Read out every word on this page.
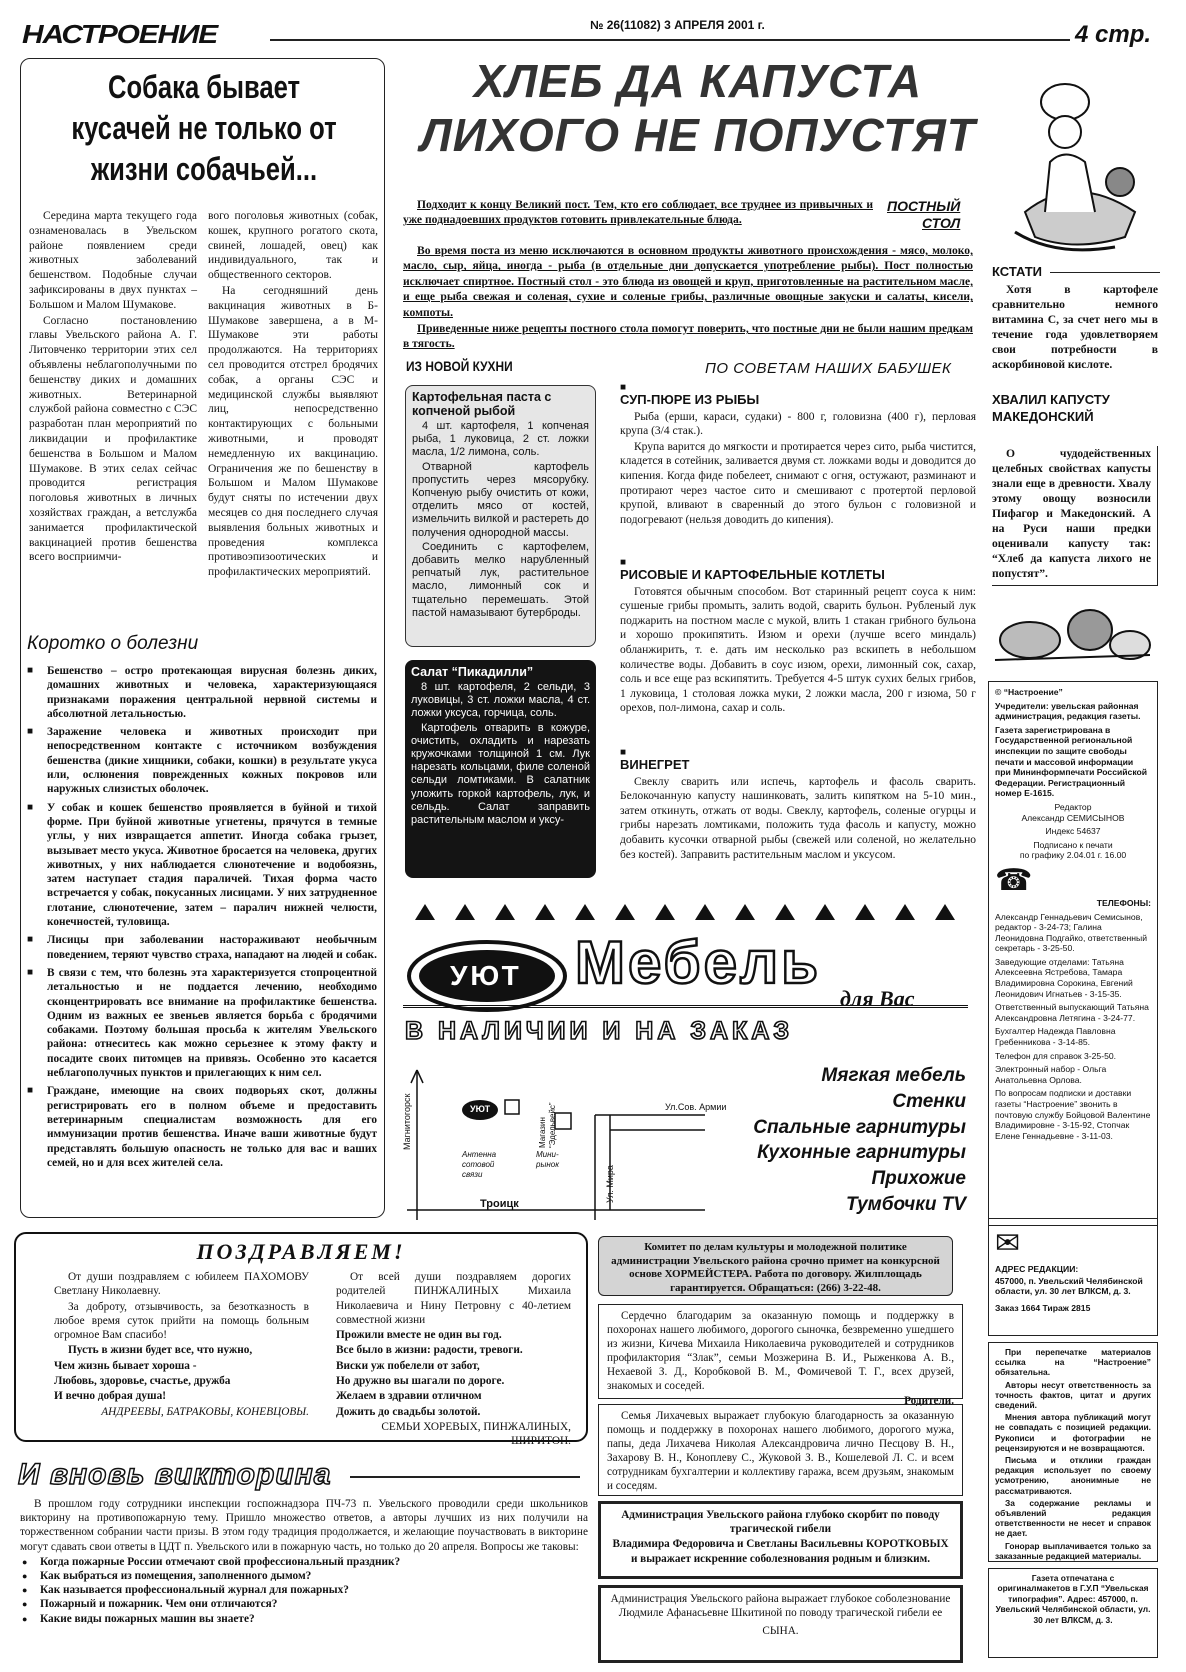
НАСТРОЕНИЕ	№ 26(11082) 3 АПРЕЛЯ 2001 г.	4 стр.
Собака бывает кусачей не только от жизни собачьей...

Середина марта текущего года ознаменовалась в Увельском районе появлением среди животных заболеваний бешенством. Подобные случаи зафиксированы в двух пунктах – Большом и Малом Шумакове.

Согласно постановлению главы Увельского района А. Г. Литовченко территории этих сел объявлены неблагополучными по бешенству диких и домашних животных. Ветеринарной службой района совместно с СЭС разработан план мероприятий по ликвидации и профилактике бешенства в Большом и Малом Шумакове. В этих селах сейчас проводится регистрация поголовья животных в личных хозяйствах граждан, а ветслужба занимается профилактической вакцинацией против бешенства всего восприимчи-

вого поголовья животных (собак, кошек, крупного рогатого скота, свиней, лошадей, овец) как индивидуального, так и общественного секторов.

На сегодняшний день вакцинация животных в Б-Шумакове завершена, а в М-Шумакове эти работы продолжаются. На территориях сел проводится отстрел бродячих собак, а органы СЭС и медицинской службы выявляют лиц, непосредственно контактирующих с больными животными, и проводят немедленную их вакцинацию. Ограничения же по бешенству в Большом и Малом Шумакове будут сняты по истечении двух месяцев со дня последнего случая выявления больных животных и проведения комплекса противоэпизоотических и профилактических мероприятий.

Коротко о болезни
■ Бешенство – остро протекающая вирусная болезнь диких, домашних животных и человека, характеризующаяся признаками поражения центральной нервной системы и абсолютной летальностью.
■ Заражение человека и животных происходит при непосредственном контакте с источником возбуждения бешенства (дикие хищники, собаки, кошки) в результате укуса или, ослюнения поврежденных кожных покровов или наружных слизистых оболочек.
■ У собак и кошек бешенство проявляется в буйной и тихой форме. При буйной животные угнетены, прячутся в темные углы, у них извращается аппетит. Иногда собака грызет, вызывает место укуса. Животное бросается на человека, других животных, у них наблюдается слюнотечение и водобоязнь, затем наступает стадия параличей. Тихая форма часто встречается у собак, покусанных лисицами. У них затрудненное глотание, слюнотечение, затем – паралич нижней челюсти, конечностей, туловища.
■ Лисицы при заболевании настораживают необычным поведением, теряют чувство страха, нападают на людей и собак.
■ В связи с тем, что болезнь эта характеризуется стопроцентной летальностью и не поддается лечению, необходимо сконцентрировать все внимание на профилактике бешенства. Одним из важных ее звеньев является борьба с бродячими собаками. Поэтому большая просьба к жителям Увельского района: отнеситесь как можно серьезнее к этому факту и посадите своих питомцев на привязь. Особенно это касается неблагополучных пунктов и прилегающих к ним сел.
■ Граждане, имеющие на своих подворьях скот, должны регистрировать его в полном объеме и предоставить ветеринарным специалистам возможность для его иммунизации против бешенства. Иначе ваши животные будут представлять большую опасность не только для вас и ваших семей, но и для всех жителей села.
ХЛЕБ ДА КАПУСТА
ЛИХОГО НЕ ПОПУСТЯТ
ПОСТНЫЙ
СТОЛ

Подходит к концу Великий пост. Тем, кто его соблюдает, все труднее из привычных и уже поднадоевших продуктов готовить привлекательные блюда.

Во время поста из меню исключаются в основном продукты животного происхождения - мясо, молоко, масло, сыр, яйца, иногда - рыба (в отдельные дни допускается употребление рыбы). Пост полностью исключает спиртное. Постный стол - это блюда из овощей и круп, приготовленные на растительном масле, и еще рыба свежая и соленая, сухие и соленые грибы, различные овощные закуски и салаты, кисели, компоты.

Приведенные ниже рецепты постного стола помогут поверить, что постные дни не были нашим предкам в тягость.

ИЗ НОВОЙ КУХНИ	ПО СОВЕТАМ НАШИХ БАБУШЕК
Картофельная паста с копченой рыбой

4 шт. картофеля, 1 копченая рыба, 1 луковица, 2 ст. ложки масла, 1/2 лимона, соль.

Отварной картофель пропустить через мясорубку. Копченую рыбу очистить от кожи, отделить мясо от костей, измельчить вилкой и растереть до получения однородной массы.

Соединить с картофелем, добавить мелко нарубленный репчатый лук, растительное масло, лимонный сок и тщательно перемешать. Этой пастой намазывают бутерброды.

Салат “Пикадилли”

8 шт. картофеля, 2 сельди, 3 луковицы, 3 ст. ложки масла, 4 ст. ложки уксуса, горчица, соль.

Картофель отварить в кожуре, очистить, охладить и нарезать кружочками толщиной 1 см. Лук нарезать кольцами, филе соленой сельди ломтиками. В салатник уложить горкой картофель, лук, и сельдь. Салат заправить растительным маслом и уксу-

■
СУП-ПЮРЕ ИЗ РЫБЫ

Рыба (ерши, караси, судаки) - 800 г, головизна (400 г), перловая крупа (3/4 стак.).

Крупа варится до мягкости и протирается через сито, рыба чистится, кладется в сотейник, заливается двумя ст. ложками воды и доводится до кипения. Когда фиде побелеет, снимают с огня, остужают, разминают и протирают через частое сито и смешивают с протертой перловой крупой, вливают в сваренный до этого бульон с головизной и подогревают (нельзя доводить до кипения).

■
РИСОВЫЕ И КАРТОФЕЛЬНЫЕ КОТЛЕТЫ

Готовятся обычным способом. Вот старинный рецепт соуса к ним: сушеные грибы промыть, залить водой, сварить бульон. Рубленый лук поджарить на постном масле с мукой, влить 1 стакан грибного бульона и хорошо прокипятить. Изюм и орехи (лучше всего миндаль) обланжирить, т. е. дать им несколько раз вскипеть в небольшом количестве воды. Добавить в соус изюм, орехи, лимонный сок, сахар, соль и все еще раз вскипятить. Требуется 4-5 штук сухих белых грибов, 1 луковица, 1 столовая ложка муки, 2 ложки масла, 200 г изюма, 50 г орехов, пол-лимона, сахар и соль.

■
ВИНЕГРЕТ

Свеклу сварить или испечь, картофель и фасоль сварить. Белокочанную капусту нашинковать, залить кипятком на 5-10 мин., затем откинуть, отжать от воды. Свеклу, картофель, соленые огурцы и грибы нарезать ломтиками, положить туда фасоль и капусту, можно добавить кусочки отварной рыбы (свежей или соленой, но желательно без костей). Заправить растительным маслом и уксусом.

КСТАТИ
Хотя в картофеле сравнительно немного витамина С, за счет него мы в течение года удовлетворяем свои потребности в аскорбиновой кислоте.
ХВАЛИЛ КАПУСТУ МАКЕДОНСКИЙ
О чудодейственных целебных свойствах капусты знали еще в древности. Хвалу этому овощу возносили Пифагор и Македонский. А на Руси наши предки оценивали капусту так: “Хлеб да капуста лихого не попустят”.

© “Настроение”

Учредители: увельская районная администрация, редакция газеты.

Газета зарегистрирована в Государственной региональной инспекции по защите свободы печати и массовой информации при Мининформпечати Российской Федерации. Регистрационный номер Е-1615.

Редактор

Александр СЕМИСЫНОВ

Индекс 54637

Подписано к печати

по графику 2.04.01 г. 16.00

☎

ТЕЛЕФОНЫ:

Александр Геннадьевич Семисынов, редактор - 3-24-73; Галина Леонидовна Подгайко, ответственный секретарь - 3-25-50.

Заведующие отделами: Татьяна Алексеевна Ястребова, Тамара Владимировна Сорокина, Евгений Леонидович Игнатьев - 3-15-35.

Ответственный выпускающий Татьяна Александровна Летягина - 3-24-77.

Бухгалтер Надежда Павловна Гребенникова - 3-14-85.

Телефон для справок 3-25-50.

Электронный набор - Ольга Анатольевна Орлова.

По вопросам подписки и доставки газеты “Настроение” звонить в почтовую службу Бойцовой Валентине Владимировне - 3-15-92, Стопчак Елене Геннадьевне - 3-11-03.

✉

АДРЕС РЕДАКЦИИ:

457000, п. Увельский Челябинской области, ул. 30 лет ВЛКСМ, д. 3.

Заказ 1664 Тираж 2815

При перепечатке материалов ссылка на “Настроение” обязательна.

Авторы несут ответственность за точность фактов, цитат и других сведений.

Мнения автора публикаций могут не совпадать с позицией редакции. Рукописи и фотографии не рецензируются и не возвращаются.

Письма и отклики граждан редакция использует по своему усмотрению, анонимные не рассматриваются.

За содержание рекламы и объявлений редакция ответственности не несет и справок не дает.

Гонорар выплачивается только за заказанные редакцией материалы.

Газета отпечатана с оригиналмакетов в Г.У.П “Увельская типография”. Адрес: 457000, п. Увельский Челябинской области, ул. 30 лет ВЛКСМ, д. 3.
УЮТ Мебель
для Вас
В НАЛИЧИИ И НА ЗАКАЗ
Магнитогорск
Троицк
Ул. Мира
Ул.Сов. Армии
Магазин “Эдельвейс”
Антенна сотовой связи
Мини-рынок
УЮТ
Мягкая мебель
Стенки
Спальные гарнитуры
Кухонные гарнитуры
Прихожие
Тумбочки TV
ПОЗДРАВЛЯЕМ!

От души поздравляем с юбилеем ПАХОМОВУ Светлану Николаевну.

За доброту, отзывчивость, за безотказность в любое время суток прийти на помощь больным огромное Вам спасибо!

Пусть в жизни будет все, что нужно,

Чем жизнь бывает хороша -

Любовь, здоровье, счастье, дружба

И вечно добрая душа!

АНДРЕЕВЫ, БАТРАКОВЫ, КОНЕВЦОВЫ.

От всей души поздравляем дорогих родителей ПИНЖАЛИНЫХ Михаила Николаевича и Нину Петровну с 40-летием совместной жизни

Прожили вместе не один вы год.

Все было в жизни: радости, тревоги.

Виски уж побелели от забот,

Но дружно вы шагали по дороге.

Желаем в здравии отличном

Дожить до свадьбы золотой.

СЕМЬИ ХОРЕВЫХ, ПИНЖАЛИНЫХ, ШИРИТОН.

И вновь викторина

В прошлом году сотрудники инспекции госпожнадзора ПЧ-73 п. Увельского проводили среди школьников викторину на противопожарную тему. Пришло множество ответов, а авторы лучших из них получили на торжественном собрании части призы. В этом году традиция продолжается, и желающие поучаствовать в викторине могут сдавать свои ответы в ЦДТ п. Увельского или в пожарную часть, но только до 20 апреля. Вопросы же таковы:

● Когда пожарные России отмечают свой профессиональный праздник?
● Как выбраться из помещения, заполненного дымом?
● Как называется профессиональный журнал для пожарных?
● Пожарный и пожарник. Чем они отличаются?
● Какие виды пожарных машин вы знаете?
Комитет по делам культуры и молодежной политике администрации Увельского района срочно примет на конкурсной основе ХОРМЕЙСТЕРА. Работа по договору. Жилплощадь гарантируется. Обращаться: (266) 3-22-48.

Сердечно благодарим за оказанную помощь и поддержку в похоронах нашего любимого, дорогого сыночка, безвременно ушедшего из жизни, Кичева Михаила Николаевича руководителей и сотрудников профилактория “Злак”, семьи Мозжерина В. И., Рыженкова А. В., Нехаевой З. Д., Коробковой В. М., Фомичевой Т. Г., всех друзей, знакомых и соседей.

Родители.

Семья Лихачевых выражает глубокую благодарность за оказанную помощь и поддержку в похоронах нашего любимого, дорогого мужа, папы, деда Лихачева Николая Александровича лично Песцову В. Н., Захарову В. Н., Коноплеву С., Жуковой З. В., Кошелевой Л. С. и всем сотрудникам бухгалтерии и коллективу гаража, всем друзьям, знакомым и соседям.

Администрация Увельского района глубоко скорбит по поводу трагической гибели

Владимира Федоровича и Светланы Васильевны КОРОТКОВЫХ

и выражает искренние соболезнования родным и близким.

Администрация Увельского района выражает глубокое соболезнование Людмиле Афанасьевне Шкитиной по поводу трагической гибели ее

СЫНА.
